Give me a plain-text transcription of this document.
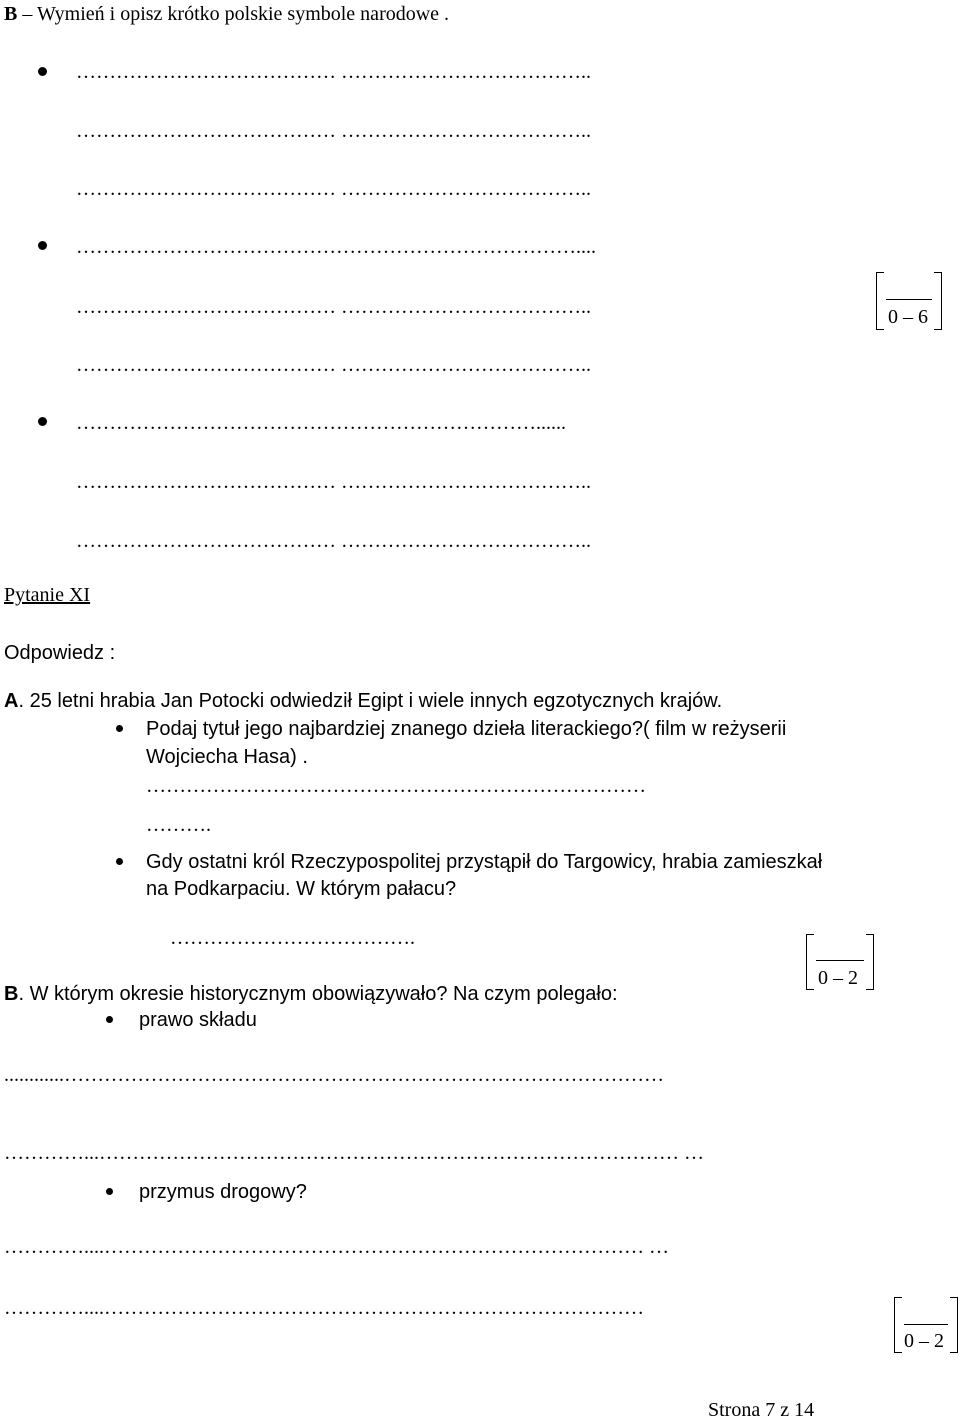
B – Wymień i opisz krótko polskie symbole narodowe .
………………………………… ………………………………..
………………………………… ………………………………..
………………………………… ………………………………..
…………………………………………………………………....
………………………………… ………………………………..
………………………………… ………………………………..
……………………………………………………………......
………………………………… ………………………………..
………………………………… ………………………………..
0 – 6
Pytanie XI
Odpowiedz :
A. 25 letni hrabia Jan Potocki odwiedził Egipt i wiele innych egzotycznych krajów.
Podaj tytuł jego najbardziej znanego dzieła literackiego?( film w reżyserii
Wojciecha Hasa) .
…………………………………………………………………
……….
Gdy ostatni król Rzeczypospolitej przystąpił do Targowicy, hrabia zamieszkał
na Podkarpaciu. W którym pałacu?
……………………………….
0 – 2
B. W którym okresie historycznym obowiązywało? Na czym polegało:
prawo składu
............………………………………………………………………………………
…………...…………………………………………………………………………… …
przymus drogowy?
…………....……………………………………………………………………… …
…………....………………………………………………………………………
0 – 2
Strona 7 z 14
